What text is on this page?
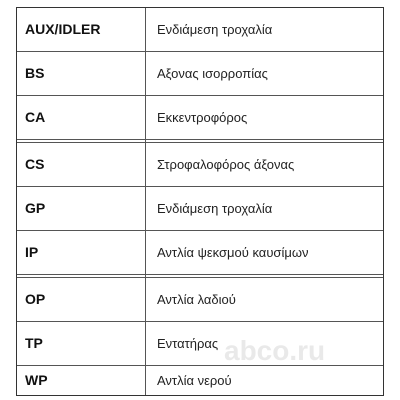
AUX/IDLER	Ενδιάμεση τροχαλία
BS	Αξονας ισορροπίας
CA	Εκκεντροφόρος
CS	Στροφαλοφόρος άξονας
GP	Ενδιάμεση τροχαλία
IP	Αντλία ψεκσμού καυσίμων
OP	Αντλία λαδιού
TP	Εντατήρας
WP	Αντλία νερού
abco.ru
